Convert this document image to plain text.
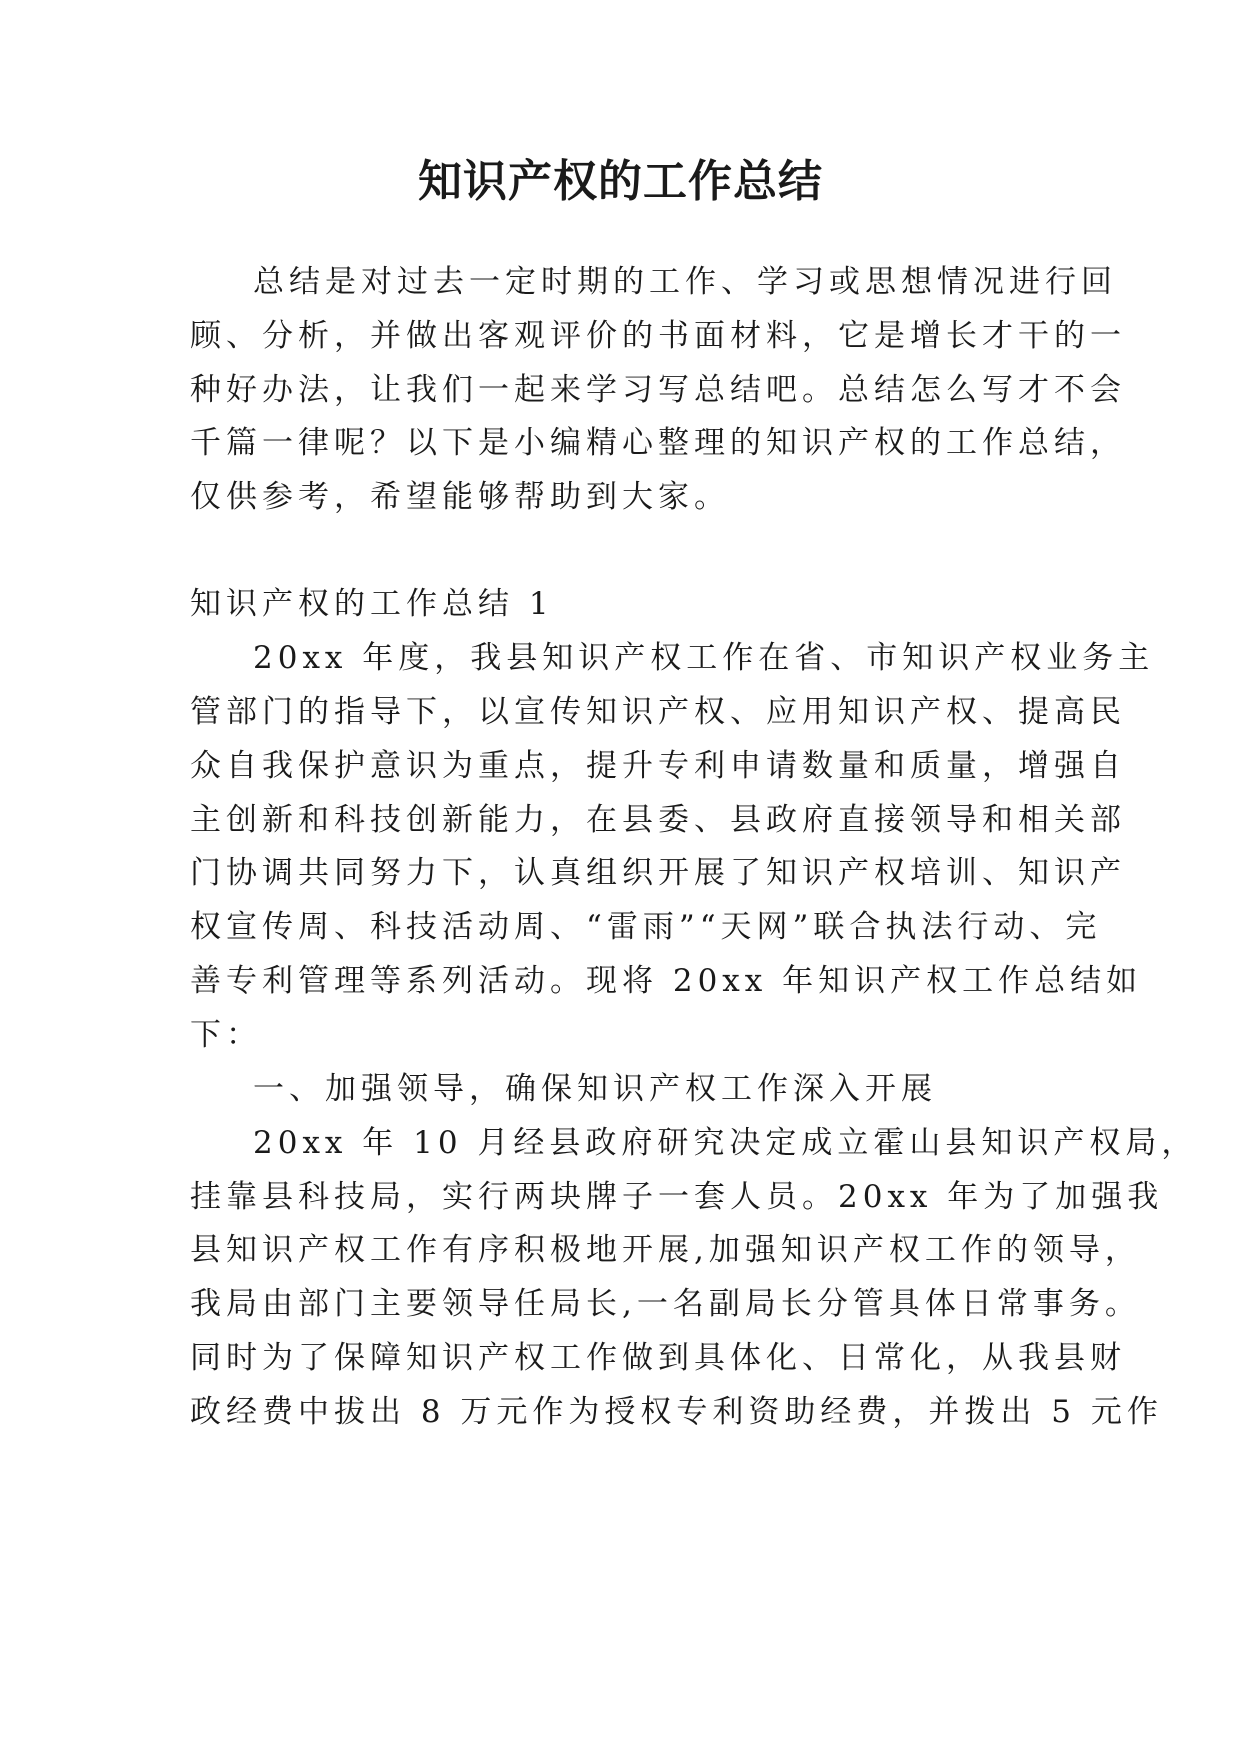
知识产权的工作总结
总结是对过去一定时期的工作、学习或思想情况进行回
顾、分析，并做出客观评价的书面材料，它是增长才干的一
种好办法，让我们一起来学习写总结吧。总结怎么写才不会
千篇一律呢？以下是小编精心整理的知识产权的工作总结，
仅供参考，希望能够帮助到大家。
知识产权的工作总结 1
20xx 年度，我县知识产权工作在省、市知识产权业务主
管部门的指导下，以宣传知识产权、应用知识产权、提高民
众自我保护意识为重点，提升专利申请数量和质量，增强自
主创新和科技创新能力，在县委、县政府直接领导和相关部
门协调共同努力下，认真组织开展了知识产权培训、知识产
权宣传周、科技活动周、“雷雨”“天网”联合执法行动、完
善专利管理等系列活动。现将 20xx 年知识产权工作总结如
下：
一、加强领导，确保知识产权工作深入开展
20xx 年 10 月经县政府研究决定成立霍山县知识产权局，
挂靠县科技局，实行两块牌子一套人员。20xx 年为了加强我
县知识产权工作有序积极地开展,加强知识产权工作的领导，
我局由部门主要领导任局长,一名副局长分管具体日常事务。
同时为了保障知识产权工作做到具体化、日常化，从我县财
政经费中拔出 8 万元作为授权专利资助经费，并拨出 5 元作
